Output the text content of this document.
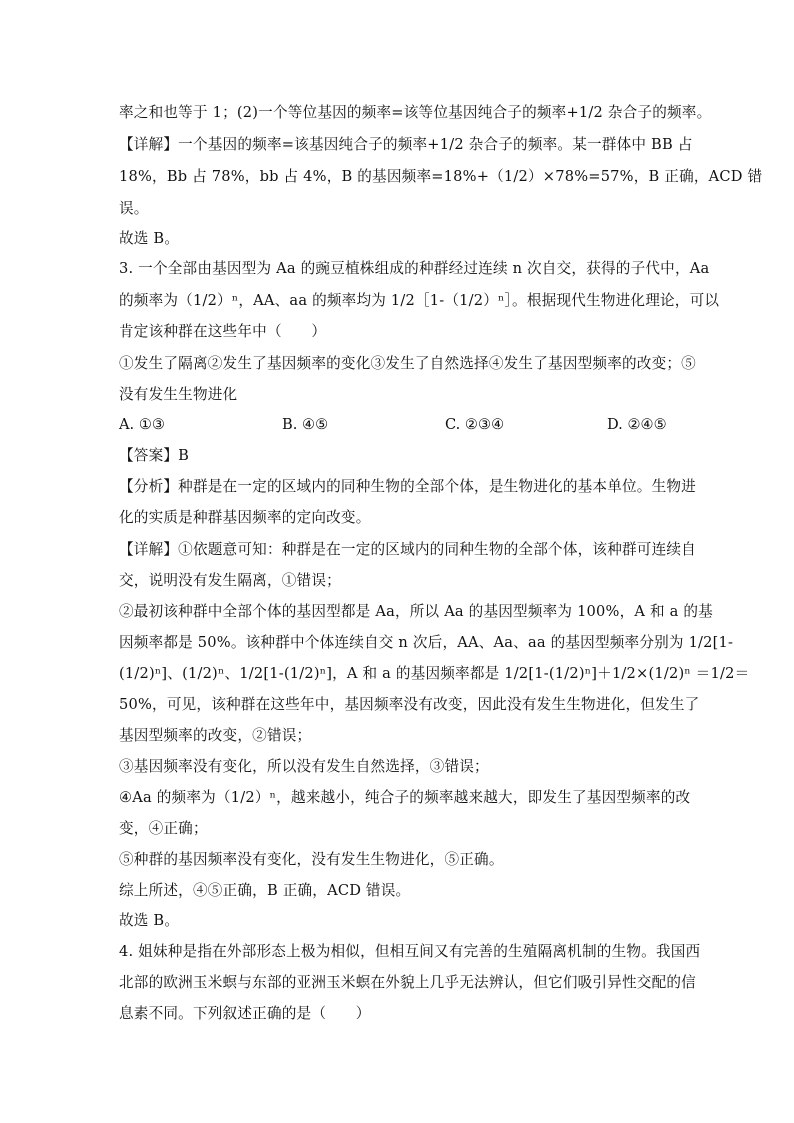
率之和也等于 1；(2)一个等位基因的频率=该等位基因纯合子的频率+1/2 杂合子的频率。
【详解】一个基因的频率=该基因纯合子的频率+1/2 杂合子的频率。某一群体中 BB 占
18%，Bb 占 78%，bb 占 4%，B 的基因频率=18%+（1/2）×78%=57%，B 正确，ACD 错
误。
故选 B。
3. 一个全部由基因型为 Aa 的豌豆植株组成的种群经过连续 n 次自交，获得的子代中，Aa
的频率为（1/2）ⁿ，AA、aa 的频率均为 1/2［1-（1/2）ⁿ］。根据现代生物进化理论，可以
肯定该种群在这些年中（　　）
①发生了隔离②发生了基因频率的变化③发生了自然选择④发生了基因型频率的改变；⑤
没有发生生物进化
A. ①③	B. ④⑤	C. ②③④	D. ②④⑤
【答案】B
【分析】种群是在一定的区域内的同种生物的全部个体，是生物进化的基本单位。生物进
化的实质是种群基因频率的定向改变。
【详解】①依题意可知：种群是在一定的区域内的同种生物的全部个体，该种群可连续自
交，说明没有发生隔离，①错误；
②最初该种群中全部个体的基因型都是 Aa，所以 Aa 的基因型频率为 100%，A 和 a 的基
因频率都是 50%。该种群中个体连续自交 n 次后，AA、Aa、aa 的基因型频率分别为 1/2[1-
(1/2)ⁿ]、(1/2)ⁿ、1/2[1-(1/2)ⁿ]，A 和 a 的基因频率都是 1/2[1-(1/2)ⁿ]＋1/2×(1/2)ⁿ ＝1/2＝
50%，可见，该种群在这些年中，基因频率没有改变，因此没有发生生物进化，但发生了
基因型频率的改变，②错误；
③基因频率没有变化，所以没有发生自然选择，③错误；
④Aa 的频率为（1/2）ⁿ，越来越小，纯合子的频率越来越大，即发生了基因型频率的改
变，④正确；
⑤种群的基因频率没有变化，没有发生生物进化，⑤正确。
综上所述，④⑤正确，B 正确，ACD 错误。
故选 B。
4. 姐妹种是指在外部形态上极为相似，但相互间又有完善的生殖隔离机制的生物。我国西
北部的欧洲玉米螟与东部的亚洲玉米螟在外貌上几乎无法辨认，但它们吸引异性交配的信
息素不同。下列叙述正确的是（　　）
